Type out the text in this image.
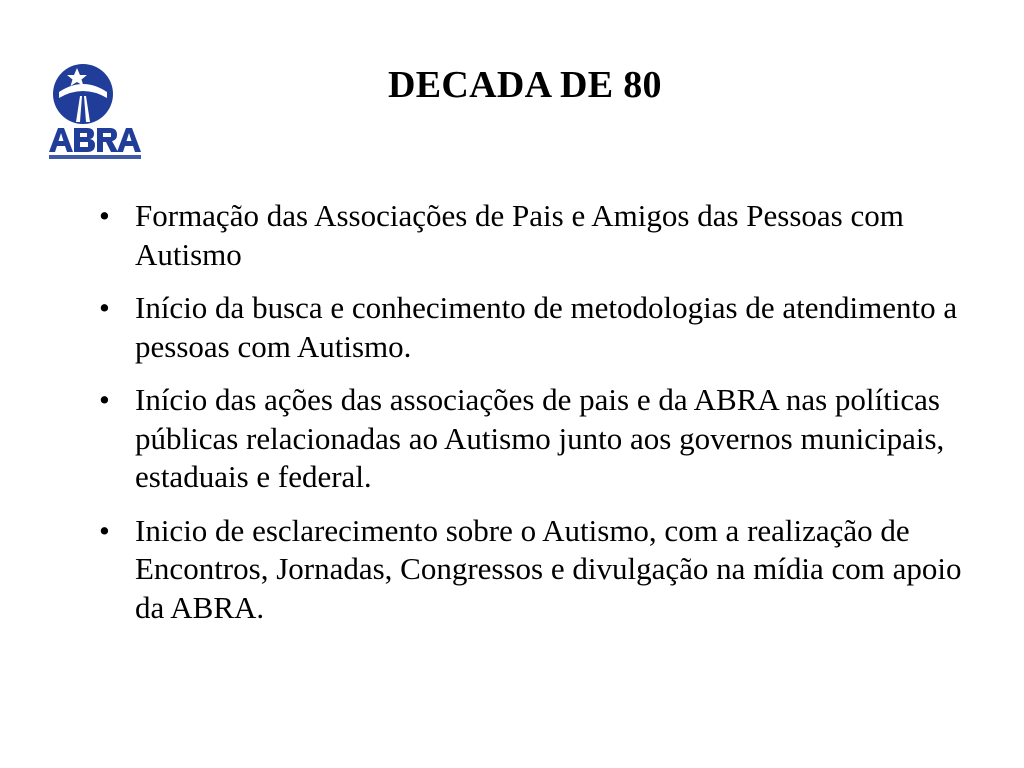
DECADA DE 80
• Formação das Associações de Pais e Amigos das Pessoas com Autismo
• Início da busca e conhecimento de metodologias de atendimento a pessoas com Autismo.
• Início das ações das associações de pais e da ABRA nas políticas públicas relacionadas ao Autismo junto aos governos municipais, estaduais e federal.
• Inicio de esclarecimento sobre o Autismo, com a realização de Encontros, Jornadas, Congressos e divulgação na mídia com apoio da ABRA.
